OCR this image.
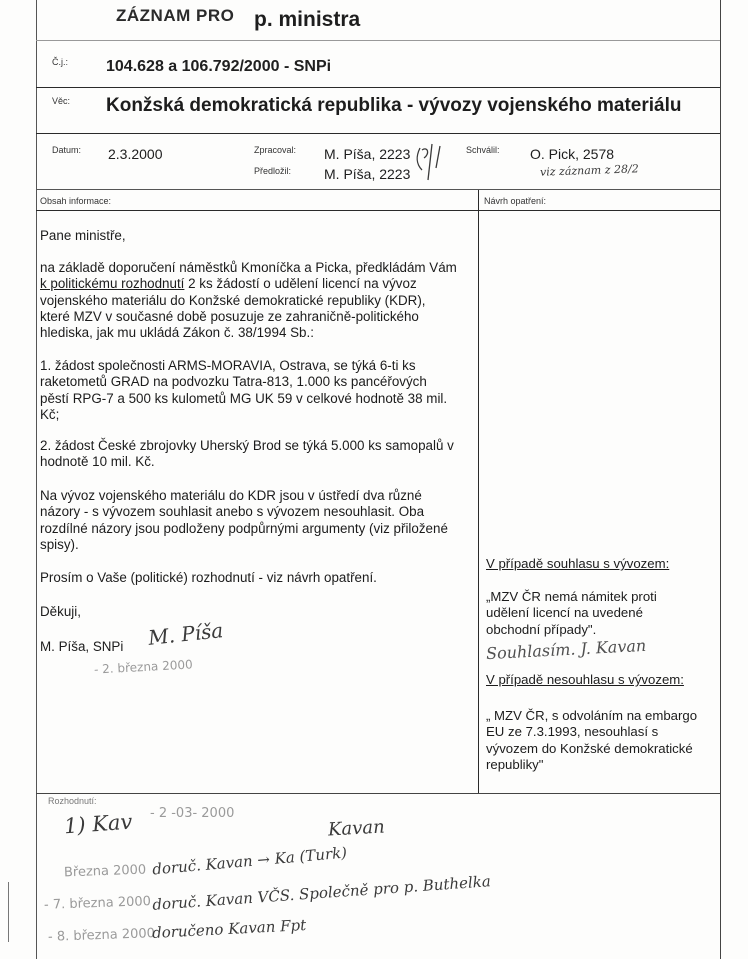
ZÁZNAM PRO p. ministra
Č.j.: 104.628 a 106.792/2000 - SNPi
Věc: Konžská demokratická republika - vývozy vojenského materiálu
Datum: 2.3.2000	Zpracoval: M. Píša, 2223
Předložil: M. Píša, 2223
Schválil: O. Pick, 2578
viz záznam z 28/2
Obsah informace:	Návrh opatření:
Pane ministře,
na základě doporučení náměstků Kmoníčka a Picka, předkládám Vám k politickému rozhodnutí 2 ks žádostí o udělení licencí na vývoz vojenského materiálu do Konžské demokratické republiky (KDR), které MZV v současné době posuzuje ze zahraničně-politického hlediska, jak mu ukládá Zákon č. 38/1994 Sb.:
1. žádost společnosti ARMS-MORAVIA, Ostrava, se týká 6-ti ks raketometů GRAD na podvozku Tatra-813, 1.000 ks pancéřových pěstí RPG-7 a 500 ks kulometů MG UK 59 v celkové hodnotě 38 mil. Kč;
2. žádost České zbrojovky Uherský Brod se týká 5.000 ks samopalů v hodnotě 10 mil. Kč.
Na vývoz vojenského materiálu do KDR jsou v ústředí dva různé názory - s vývozem souhlasit anebo s vývozem nesouhlasit. Oba rozdílné názory jsou podloženy podpůrnými argumenty (viz přiložené spisy).
Prosím o Vaše (politické) rozhodnutí - viz návrh opatření.
Děkuji,
M. Píša, SNPi	M. Píša
- 2. března 2000
V případě souhlasu s vývozem:
„MZV ČR nemá námitek proti udělení licencí na uvedené obchodní případy".
Souhlasím. J. Kavan
V případě nesouhlasu s vývozem:
„ MZV ČR, s odvoláním na embargo EU ze 7.3.1993, nesouhlasí s vývozem do Konžské demokratické republiky"
Rozhodnutí:
1) Kav - 2 -03- 2000
Kavan
Března 2000 doruč. Kavan → Ka (Turk)
- 7. března 2000 doruč. Kavan VČS. Společně pro p. Buthelka
- 8. března 2000
doručeno Kavan Fpt
